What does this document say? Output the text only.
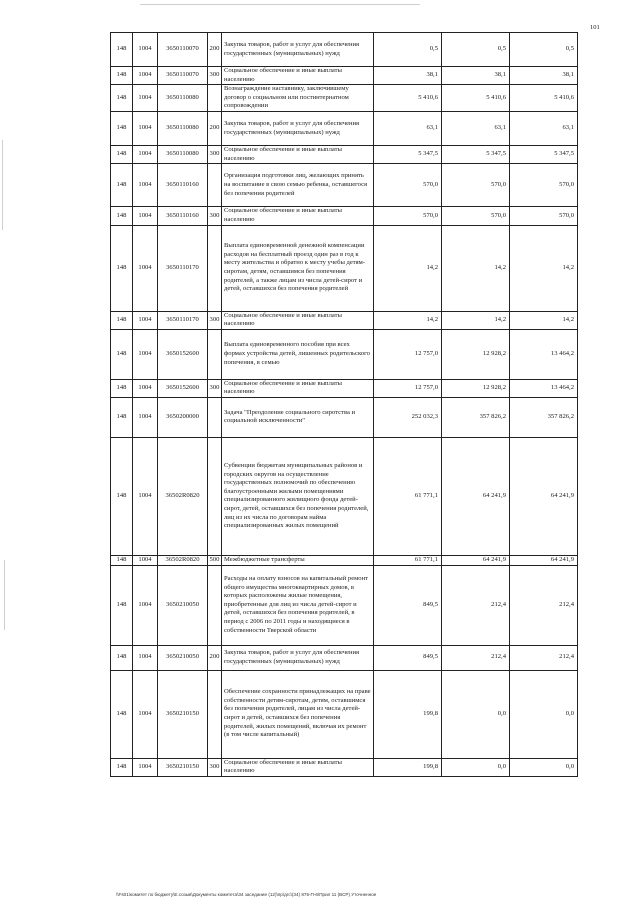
101
148	1004	3650110070	200	Закупка товаров, работ и услуг для обеспечения государственных (муниципальных) нужд	0,5	0,5	0,5
148	1004	3650110070	300	Социальное обеспечение и иные выплаты населению	38,1	38,1	38,1
148	1004	3650110080		Вознаграждение наставнику, заключившему договор о социальном или постинтернатном сопровождении	5 410,6	5 410,6	5 410,6
148	1004	3650110080	200	Закупка товаров, работ и услуг для обеспечения государственных (муниципальных) нужд	63,1	63,1	63,1
148	1004	3650110080	300	Социальное обеспечение и иные выплаты населению	5 347,5	5 347,5	5 347,5
148	1004	3650110160		Организация подготовки лиц, желающих принять на воспитание в свою семью ребенка, оставшегося без попечения родителей	570,0	570,0	570,0
148	1004	3650110160	300	Социальное обеспечение и иные выплаты населению	570,0	570,0	570,0
148	1004	3650110170		Выплата единовременной денежной компенсации расходов на бесплатный проезд один раз в год к месту жительства и обратно к месту учебы детям-сиротам, детям, оставшимся без попечения родителей, а также лицам из числа детей-сирот и детей, оставшихся без попечения родителей	14,2	14,2	14,2
148	1004	3650110170	300	Социальное обеспечение и иные выплаты населению	14,2	14,2	14,2
148	1004	3650152600		Выплата единовременного пособия при всех формах устройства детей, лишенных родительского попечения, в семью	12 757,0	12 928,2	13 464,2
148	1004	3650152600	300	Социальное обеспечение и иные выплаты населению	12 757,0	12 928,2	13 464,2
148	1004	3650200000		Задача "Преодоление социального сиротства и социальной исключенности"	252 032,3	357 826,2	357 826,2
148	1004	36502R0820		Субвенции бюджетам муниципальных районов и городских округов на осуществление государственных полномочий по обеспечению благоустроенными жилыми помещениями специализированного жилищного фонда детей-сирот, детей, оставшихся без попечения родителей, лиц из их числа по договорам найма специализированных жилых помещений	61 771,1	64 241,9	64 241,9
148	1004	36502R0820	500	Межбюджетные трансферты	61 771,1	64 241,9	64 241,9
148	1004	3650210050		Расходы на оплату взносов на капитальный ремонт общего имущества многоквартирных домов, в которых расположены жилые помещения, приобретенные для лиц из числа детей-сирот и детей, оставшихся без попечения родителей, в период с 2006 по 2011 годы и находящиеся в собственности Тверской области	849,5	212,4	212,4
148	1004	3650210050	200	Закупка товаров, работ и услуг для обеспечения государственных (муниципальных) нужд	849,5	212,4	212,4
148	1004	3650210150		Обеспечение сохранности принадлежащих на праве собственности детям-сиротам, детям, оставшимся без попечения родителей, лицам из числа детей-сирот и детей, оставшихся без попечения родителей, жилых помещений, включая их ремонт (в том числе капитальный)	199,8	0,0	0,0
148	1004	3650210150	300	Социальное обеспечение и иные выплаты населению	199,8	0,0	0,0
\\Fs01\комитет по бюджету\Е.созыв\Документы комитета\34 заседание (12)\пр\дгс\(34) 875-П-6\Прил 11 (ВСР) Уточненное
